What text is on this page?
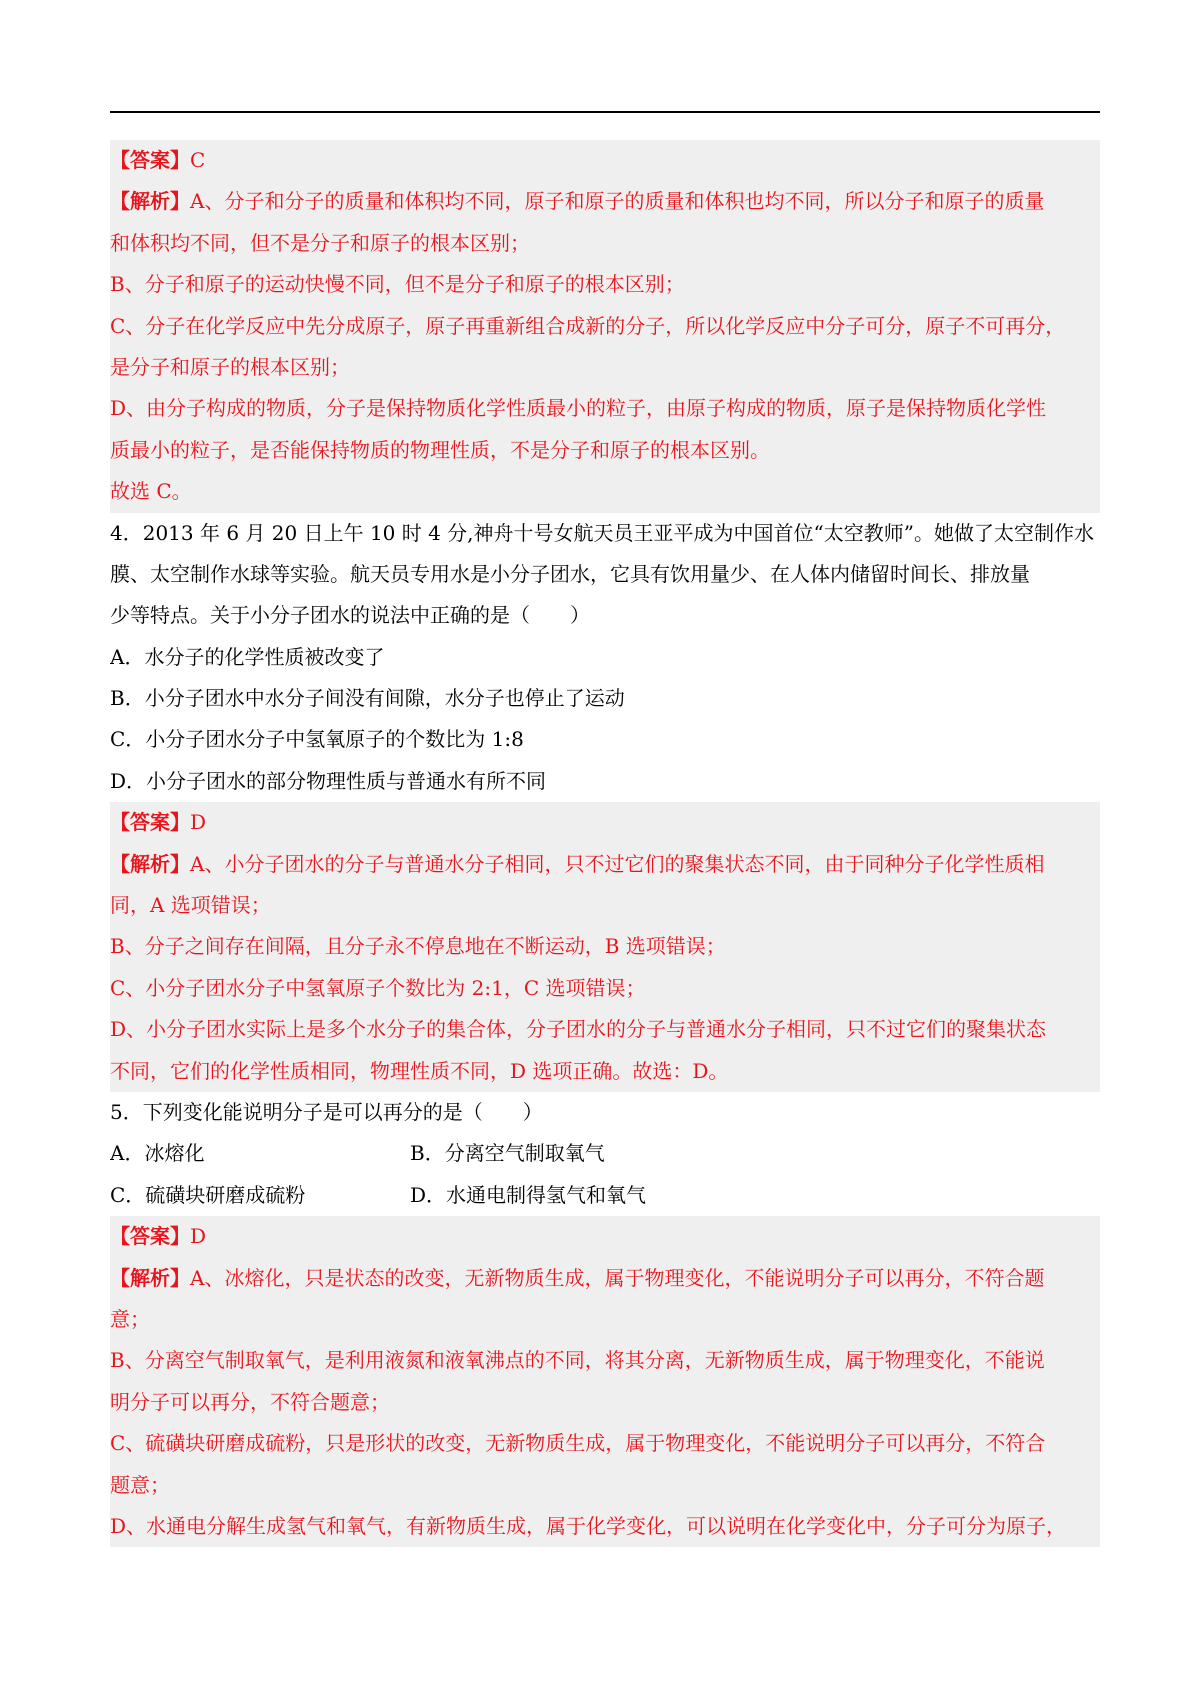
【答案】C
【解析】A、分子和分子的质量和体积均不同，原子和原子的质量和体积也均不同，所以分子和原子的质量
和体积均不同，但不是分子和原子的根本区别；
B、分子和原子的运动快慢不同，但不是分子和原子的根本区别；
C、分子在化学反应中先分成原子，原子再重新组合成新的分子，所以化学反应中分子可分，原子不可再分，
是分子和原子的根本区别；
D、由分子构成的物质，分子是保持物质化学性质最小的粒子，由原子构成的物质，原子是保持物质化学性
质最小的粒子，是否能保持物质的物理性质，不是分子和原子的根本区别。
故选 C。
4．2013 年 6 月 20 日上午 10 时 4 分,神舟十号女航天员王亚平成为中国首位“太空教师”。她做了太空制作水
膜、太空制作水球等实验。航天员专用水是小分子团水，它具有饮用量少、在人体内储留时间长、排放量
少等特点。关于小分子团水的说法中正确的是（　　）
A．水分子的化学性质被改变了
B．小分子团水中水分子间没有间隙，水分子也停止了运动
C．小分子团水分子中氢氧原子的个数比为 1:8
D．小分子团水的部分物理性质与普通水有所不同
【答案】D
【解析】A、小分子团水的分子与普通水分子相同，只不过它们的聚集状态不同，由于同种分子化学性质相
同，A 选项错误；
B、分子之间存在间隔，且分子永不停息地在不断运动，B 选项错误；
C、小分子团水分子中氢氧原子个数比为 2:1，C 选项错误；
D、小分子团水实际上是多个水分子的集合体，分子团水的分子与普通水分子相同，只不过它们的聚集状态
不同，它们的化学性质相同，物理性质不同，D 选项正确。故选：D。
5．下列变化能说明分子是可以再分的是（　　）
A．冰熔化	B．分离空气制取氧气
C．硫磺块研磨成硫粉	D．水通电制得氢气和氧气
【答案】D
【解析】A、冰熔化，只是状态的改变，无新物质生成，属于物理变化，不能说明分子可以再分，不符合题
意；
B、分离空气制取氧气，是利用液氮和液氧沸点的不同，将其分离，无新物质生成，属于物理变化，不能说
明分子可以再分，不符合题意；
C、硫磺块研磨成硫粉，只是形状的改变，无新物质生成，属于物理变化，不能说明分子可以再分，不符合
题意；
D、水通电分解生成氢气和氧气，有新物质生成，属于化学变化，可以说明在化学变化中，分子可分为原子，
